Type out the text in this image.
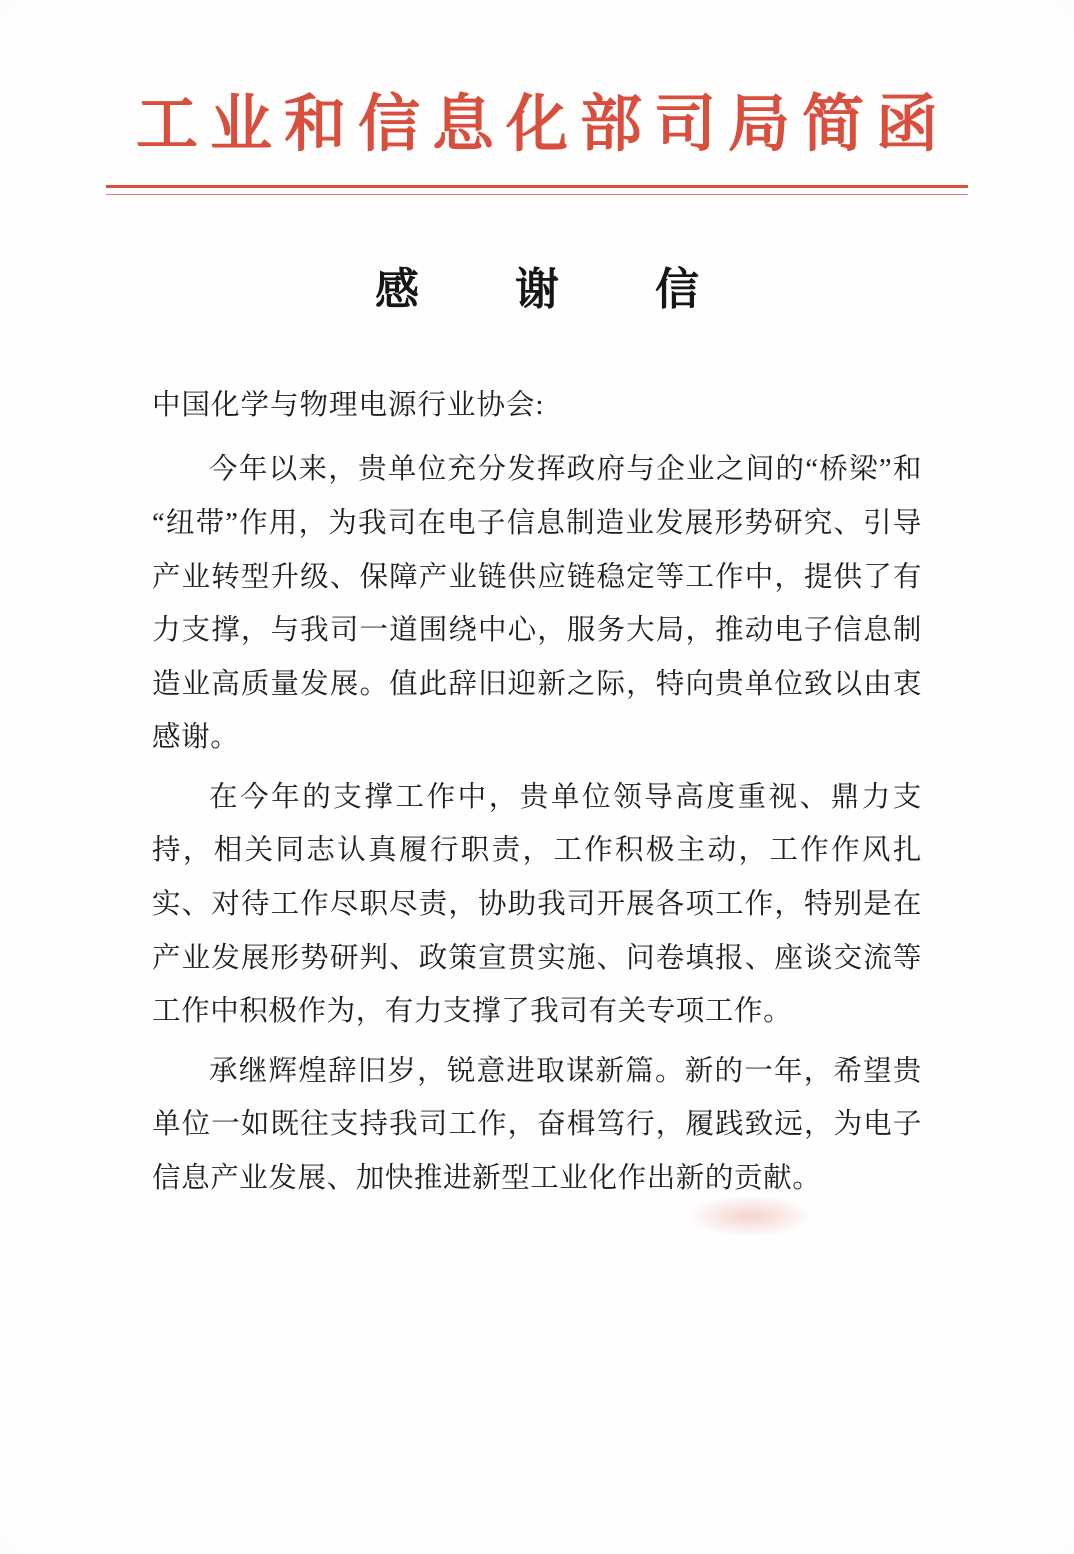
工业和信息化部司局简函
感　谢　信
中国化学与物理电源行业协会:

今年以来，贵单位充分发挥政府与企业之间的“桥梁”和“纽带”作用，为我司在电子信息制造业发展形势研究、引导产业转型升级、保障产业链供应链稳定等工作中，提供了有力支撑，与我司一道围绕中心，服务大局，推动电子信息制造业高质量发展。值此辞旧迎新之际，特向贵单位致以由衷感谢。

在今年的支撑工作中，贵单位领导高度重视、鼎力支持，相关同志认真履行职责，工作积极主动，工作作风扎实、对待工作尽职尽责，协助我司开展各项工作，特别是在产业发展形势研判、政策宣贯实施、问卷填报、座谈交流等工作中积极作为，有力支撑了我司有关专项工作。

承继辉煌辞旧岁，锐意进取谋新篇。新的一年，希望贵单位一如既往支持我司工作，奋楫笃行，履践致远，为电子信息产业发展、加快推进新型工业化作出新的贡献。
